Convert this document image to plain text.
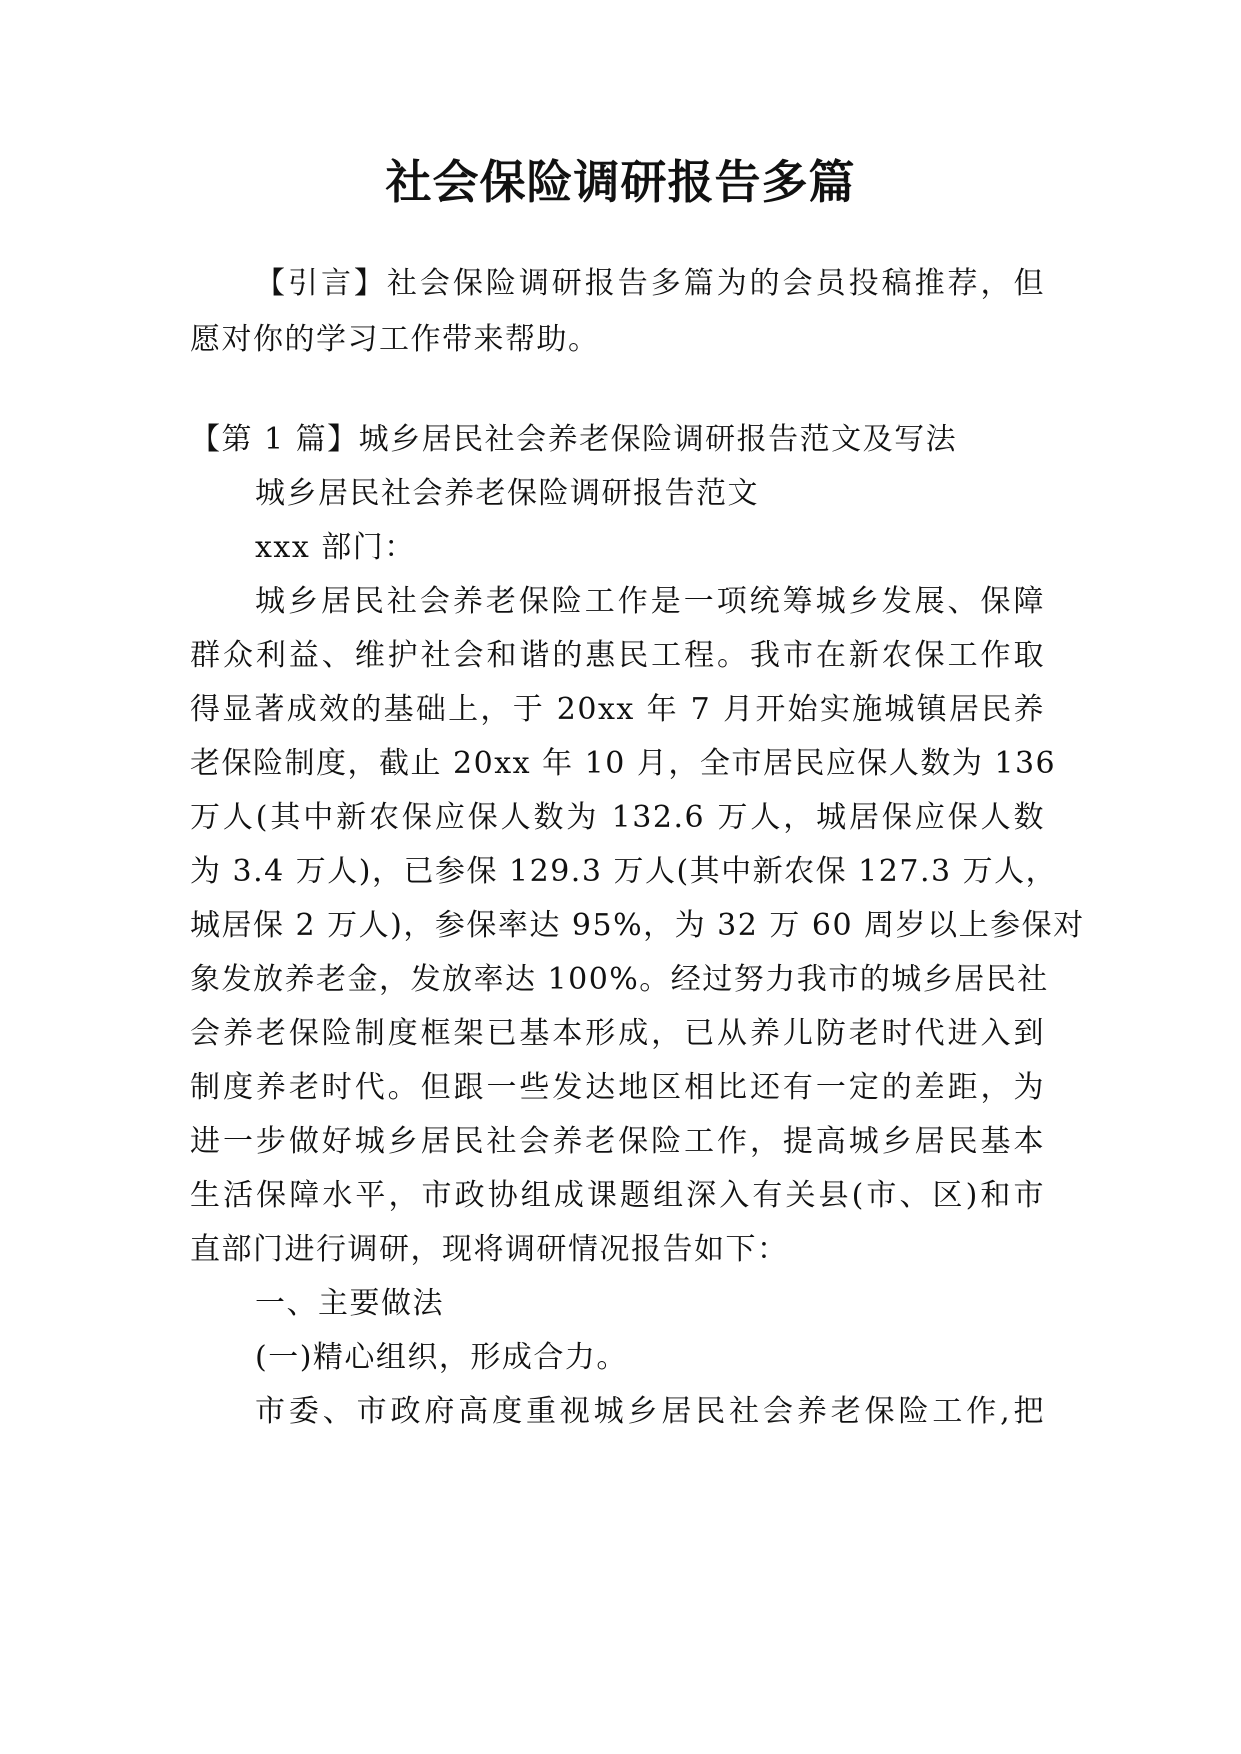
社会保险调研报告多篇
【引言】社会保险调研报告多篇为的会员投稿推荐，但
愿对你的学习工作带来帮助。
【第 1 篇】城乡居民社会养老保险调研报告范文及写法
城乡居民社会养老保险调研报告范文
xxx 部门：
城乡居民社会养老保险工作是一项统筹城乡发展、保障
群众利益、维护社会和谐的惠民工程。我市在新农保工作取
得显著成效的基础上，于 20xx 年 7 月开始实施城镇居民养
老保险制度，截止 20xx 年 10 月，全市居民应保人数为 136
万人(其中新农保应保人数为 132.6 万人，城居保应保人数
为 3.4 万人)，已参保 129.3 万人(其中新农保 127.3 万人，
城居保 2 万人)，参保率达 95%，为 32 万 60 周岁以上参保对
象发放养老金，发放率达 100%。经过努力我市的城乡居民社
会养老保险制度框架已基本形成，已从养儿防老时代进入到
制度养老时代。但跟一些发达地区相比还有一定的差距，为
进一步做好城乡居民社会养老保险工作，提高城乡居民基本
生活保障水平，市政协组成课题组深入有关县(市、区)和市
直部门进行调研，现将调研情况报告如下：
一、主要做法
(一)精心组织，形成合力。
市委、市政府高度重视城乡居民社会养老保险工作,把
